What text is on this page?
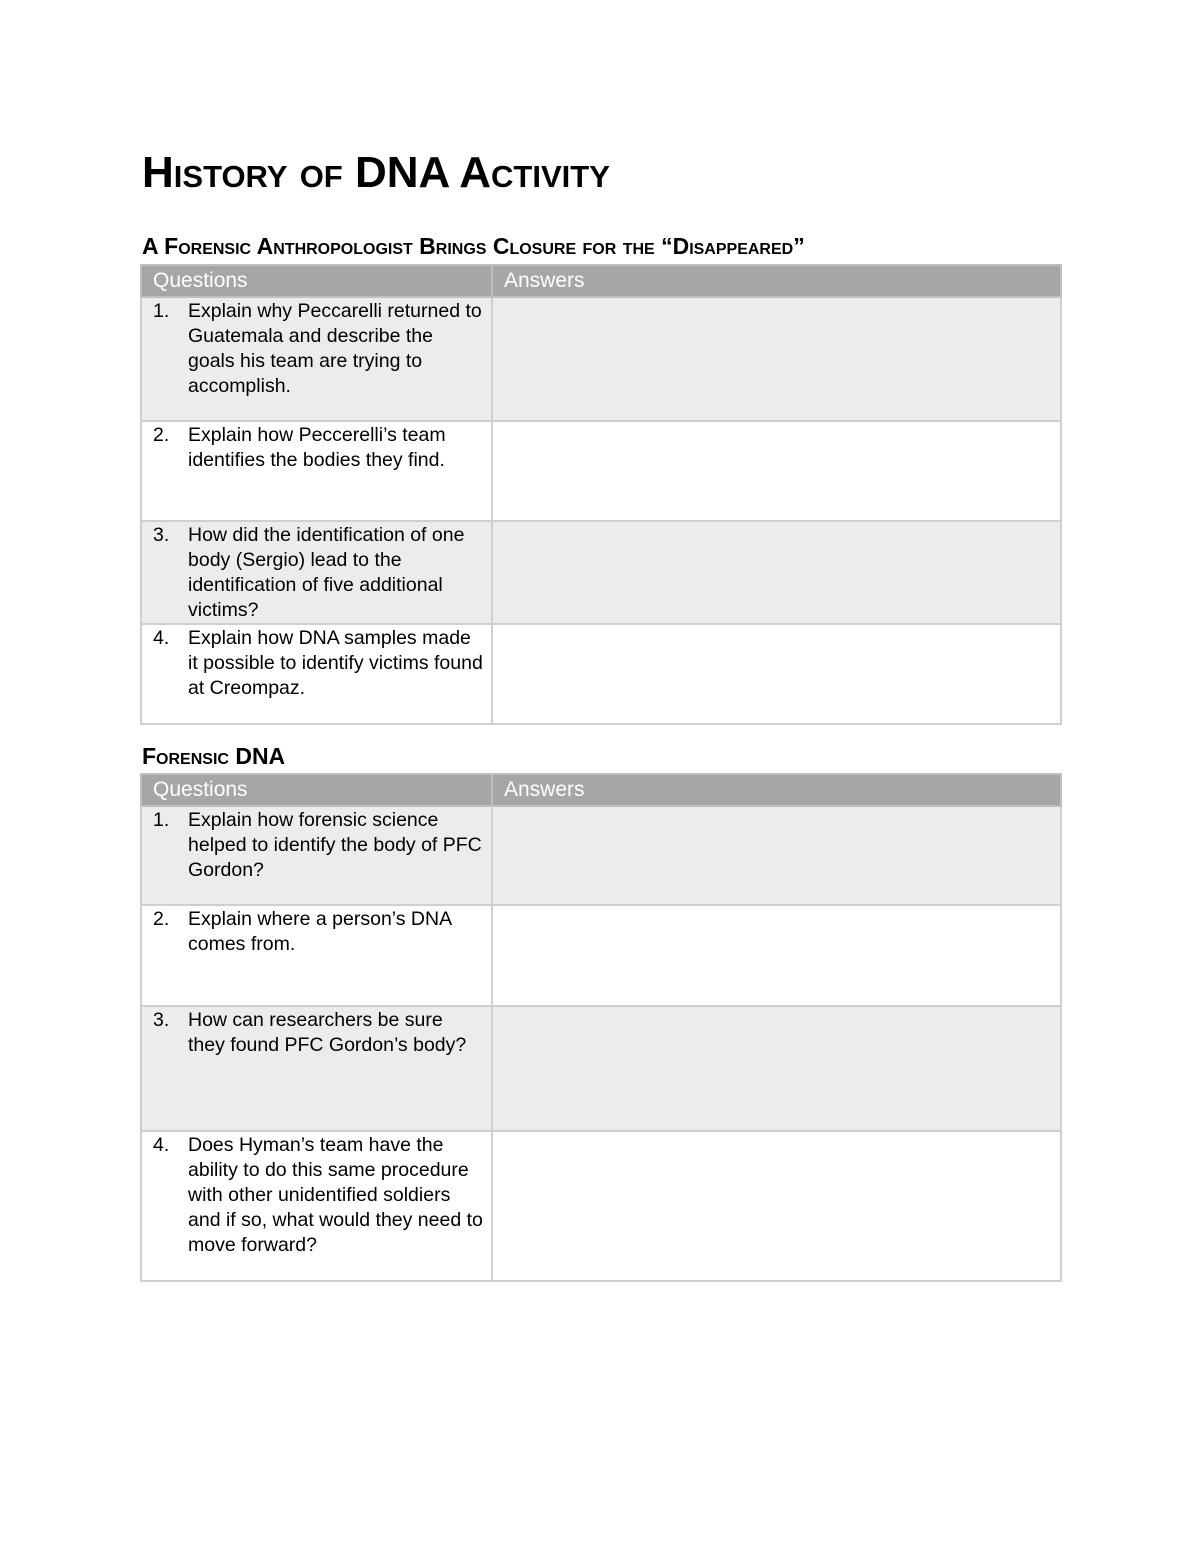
History of DNA Activity
A Forensic Anthropologist Brings Closure for the “Disappeared”
Questions	Answers

1. Explain why Peccarelli returned to Guatemala and describe the goals his team are trying to accomplish.	

2. Explain how Peccerelli’s team identifies the bodies they find.	

3. How did the identification of one body (Sergio) lead to the identification of five additional victims?	

4. Explain how DNA samples made it possible to identify victims found at Creompaz.	

Forensic DNA
Questions	Answers

1. Explain how forensic science helped to identify the body of PFC Gordon?	

2. Explain where a person’s DNA comes from.	

3. How can researchers be sure they found PFC Gordon’s body?	

4. Does Hyman’s team have the ability to do this same procedure with other unidentified soldiers and if so, what would they need to move forward?	
